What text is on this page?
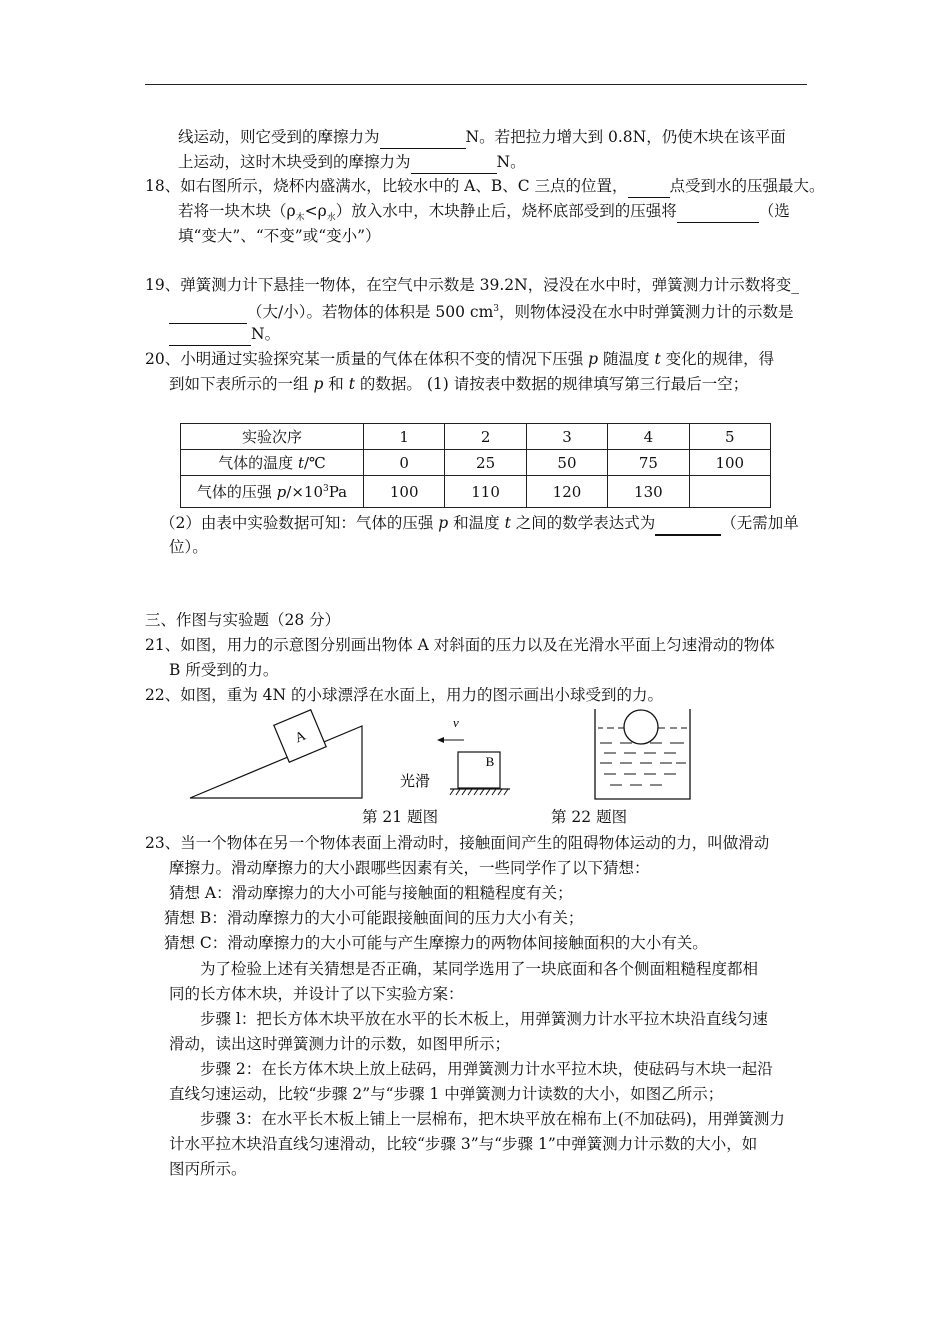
线运动，则它受到的摩擦力为	N。若把拉力增大到 0.8N，仍使木块在该平面
上运动，这时木块受到的摩擦力为	N。
18、如右图所示，烧杯内盛满水，比较水中的 A、B、C 三点的位置，	点受到水的压强最大。
若将一块木块$(\rho_木<\rho_水)$放入水中，木块静止后，烧杯底部受到的压强将	（选
填“变大”、“不变”或“变小”）
19、弹簧测力计下悬挂一物体，在空气中示数是 39.2N，浸没在水中时，弹簧测力计示数将变_
（大/小）。若物体的体积是 500 $cm^3$，则物体浸没在水中时弹簧测力计的示数是
N。
20、小明通过实验探究某一质量的气体在体积不变的情况下压强 p 随温度 t 变化的规律，得
到如下表所示的一组 p 和 t 的数据。 (1) 请按表中数据的规律填写第三行最后一空；
实验次序	1	2	3	4	5
气体的温度 t/℃	0	25	50	75	100
气体的压强 $p/\times 10^3Pa$	100	110	120	130	
（2）由表中实验数据可知：气体的压强 p 和温度 t 之间的数学表达式为	（无需加单
位）。
三、作图与实验题（28 分）
21、如图，用力的示意图分别画出物体 A 对斜面的压力以及在光滑水平面上匀速滑动的物体
B 所受到的力。
22、如图，重为 4N 的小球漂浮在水面上，用力的图示画出小球受到的力。
A
v
B
光滑
第 21 题图	第 22 题图
23、当一个物体在另一个物体表面上滑动时，接触面间产生的阻碍物体运动的力，叫做滑动
摩擦力。滑动摩擦力的大小跟哪些因素有关，一些同学作了以下猜想：
猜想 A：滑动摩擦力的大小可能与接触面的粗糙程度有关；
猜想 B：滑动摩擦力的大小可能跟接触面间的压力大小有关；
猜想 C：滑动摩擦力的大小可能与产生摩擦力的两物体间接触面积的大小有关。
为了检验上述有关猜想是否正确，某同学选用了一块底面和各个侧面粗糙程度都相
同的长方体木块，并设计了以下实验方案：
步骤 l：把长方体木块平放在水平的长木板上，用弹簧测力计水平拉木块沿直线匀速
滑动，读出这时弹簧测力计的示数，如图甲所示；
步骤 2：在长方体木块上放上砝码，用弹簧测力计水平拉木块，使砝码与木块一起沿
直线匀速运动，比较“步骤 2”与“步骤 1 中弹簧测力计读数的大小，如图乙所示；
步骤 3：在水平长木板上铺上一层棉布，把木块平放在棉布上(不加砝码)，用弹簧测力
计水平拉木块沿直线匀速滑动，比较“步骤 3”与“步骤 1”中弹簧测力计示数的大小，如
图丙所示。
